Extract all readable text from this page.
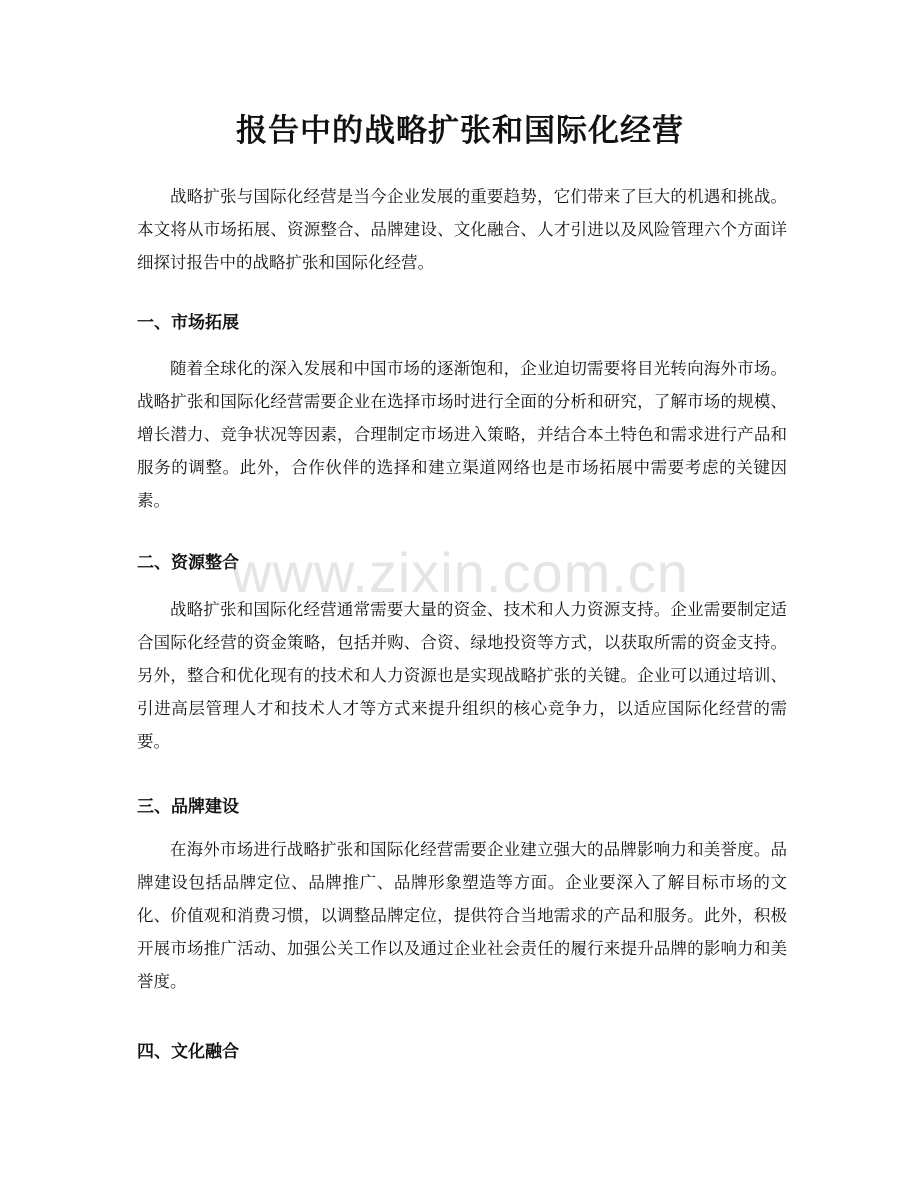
报告中的战略扩张和国际化经营

战略扩张与国际化经营是当今企业发展的重要趋势，它们带来了巨大的机遇和挑战。本文将从市场拓展、资源整合、品牌建设、文化融合、人才引进以及风险管理六个方面详细探讨报告中的战略扩张和国际化经营。

一、市场拓展

随着全球化的深入发展和中国市场的逐渐饱和，企业迫切需要将目光转向海外市场。战略扩张和国际化经营需要企业在选择市场时进行全面的分析和研究，了解市场的规模、增长潜力、竞争状况等因素，合理制定市场进入策略，并结合本土特色和需求进行产品和服务的调整。此外，合作伙伴的选择和建立渠道网络也是市场拓展中需要考虑的关键因素。

二、资源整合

战略扩张和国际化经营通常需要大量的资金、技术和人力资源支持。企业需要制定适合国际化经营的资金策略，包括并购、合资、绿地投资等方式，以获取所需的资金支持。另外，整合和优化现有的技术和人力资源也是实现战略扩张的关键。企业可以通过培训、引进高层管理人才和技术人才等方式来提升组织的核心竞争力，以适应国际化经营的需要。

三、品牌建设

在海外市场进行战略扩张和国际化经营需要企业建立强大的品牌影响力和美誉度。品牌建设包括品牌定位、品牌推广、品牌形象塑造等方面。企业要深入了解目标市场的文化、价值观和消费习惯，以调整品牌定位，提供符合当地需求的产品和服务。此外，积极开展市场推广活动、加强公关工作以及通过企业社会责任的履行来提升品牌的影响力和美誉度。

四、文化融合
www.zixin.com.cn
